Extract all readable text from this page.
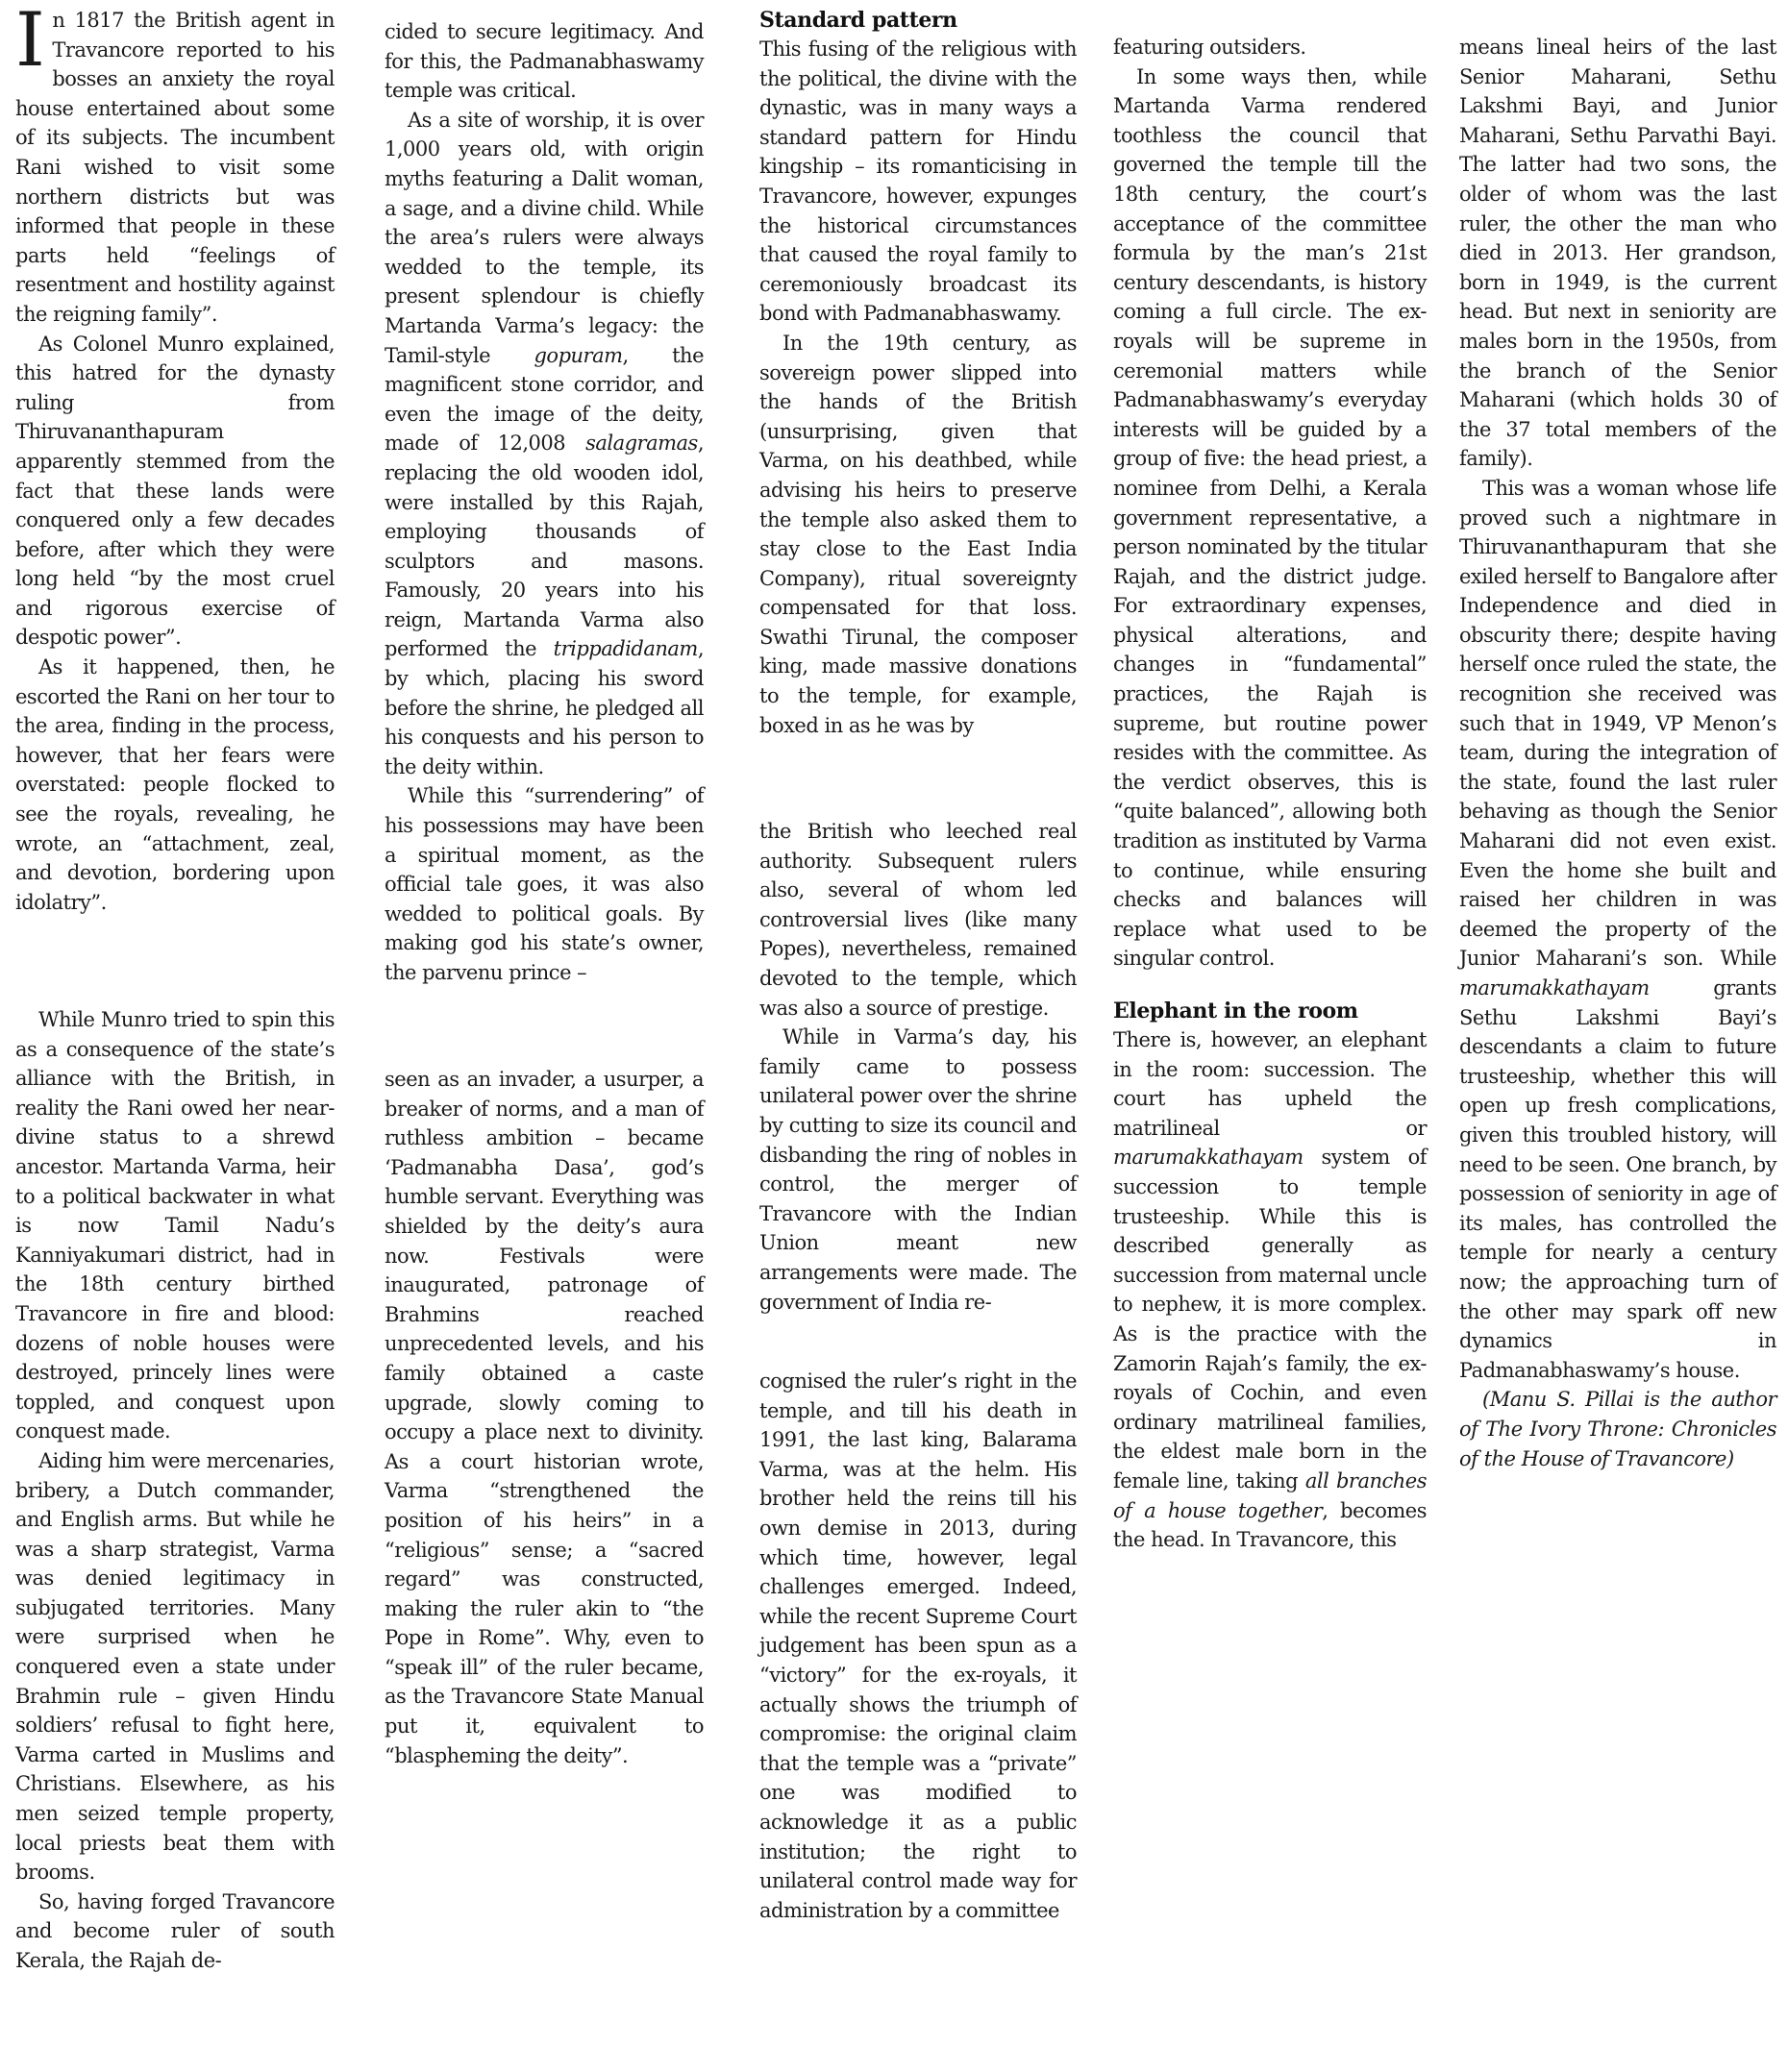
In 1817 the British agent in Travancore reported to his bosses an anxiety the royal house entertained about some of its subjects. The incumbent Rani wished to visit some northern districts but was informed that people in these parts held “feelings of resentment and hostility against the reigning family”.

As Colonel Munro explained, this hatred for the dynasty ruling from Thiruvananthapuram apparently stemmed from the fact that these lands were conquered only a few decades before, after which they were long held “by the most cruel and rigorous exercise of despotic power”.

As it happened, then, he escorted the Rani on her tour to the area, finding in the process, however, that her fears were overstated: people flocked to see the royals, revealing, he wrote, an “attachment, zeal, and devotion, bordering upon idolatry”.

While Munro tried to spin this as a consequence of the state’s alliance with the British, in reality the Rani owed her near-divine status to a shrewd ancestor. Martanda Varma, heir to a political backwater in what is now Tamil Nadu’s Kanniyakumari district, had in the 18th century birthed Travancore in fire and blood: dozens of noble houses were destroyed, princely lines were toppled, and conquest upon conquest made.

Aiding him were mercenaries, bribery, a Dutch commander, and English arms. But while he was a sharp strategist, Varma was denied legitimacy in subjugated territories. Many were surprised when he conquered even a state under Brahmin rule – given Hindu soldiers’ refusal to fight here, Varma carted in Muslims and Christians. Elsewhere, as his men seized temple property, local priests beat them with brooms.

So, having forged Travancore and become ruler of south Kerala, the Rajah de-

cided to secure legitimacy. And for this, the Padmanabhaswamy temple was critical.

As a site of worship, it is over 1,000 years old, with origin myths featuring a Dalit woman, a sage, and a divine child. While the area’s rulers were always wedded to the temple, its present splendour is chiefly Martanda Varma’s legacy: the Tamil-style gopuram, the magnificent stone corridor, and even the image of the deity, made of 12,008 salagramas, replacing the old wooden idol, were installed by this Rajah, employing thousands of sculptors and masons. Famously, 20 years into his reign, Martanda Varma also performed the trippadidanam, by which, placing his sword before the shrine, he pledged all his conquests and his person to the deity within.

While this “surrendering” of his possessions may have been a spiritual moment, as the official tale goes, it was also wedded to political goals. By making god his state’s owner, the parvenu prince –

seen as an invader, a usurper, a breaker of norms, and a man of ruthless ambition – became ‘Padmanabha Dasa’, god’s humble servant. Everything was shielded by the deity’s aura now. Festivals were inaugurated, patronage of Brahmins reached unprecedented levels, and his family obtained a caste upgrade, slowly coming to occupy a place next to divinity. As a court historian wrote, Varma “strengthened the position of his heirs” in a “religious” sense; a “sacred regard” was constructed, making the ruler akin to “the Pope in Rome”. Why, even to “speak ill” of the ruler became, as the Travancore State Manual put it, equivalent to “blaspheming the deity”.

Standard pattern

This fusing of the religious with the political, the divine with the dynastic, was in many ways a standard pattern for Hindu kingship – its romanticising in Travancore, however, expunges the historical circumstances that caused the royal family to ceremoniously broadcast its bond with Padmanabhaswamy.

In the 19th century, as sovereign power slipped into the hands of the British (unsurprising, given that Varma, on his deathbed, while advising his heirs to preserve the temple also asked them to stay close to the East India Company), ritual sovereignty compensated for that loss. Swathi Tirunal, the composer king, made massive donations to the temple, for example, boxed in as he was by

the British who leeched real authority. Subsequent rulers also, several of whom led controversial lives (like many Popes), nevertheless, remained devoted to the temple, which was also a source of prestige.

While in Varma’s day, his family came to possess unilateral power over the shrine by cutting to size its council and disbanding the ring of nobles in control, the merger of Travancore with the Indian Union meant new arrangements were made. The government of India re-

cognised the ruler’s right in the temple, and till his death in 1991, the last king, Balarama Varma, was at the helm. His brother held the reins till his own demise in 2013, during which time, however, legal challenges emerged. Indeed, while the recent Supreme Court judgement has been spun as a “victory” for the ex-royals, it actually shows the triumph of compromise: the original claim that the temple was a “private” one was modified to acknowledge it as a public institution; the right to unilateral control made way for administration by a committee

featuring outsiders.

In some ways then, while Martanda Varma rendered toothless the council that governed the temple till the 18th century, the court’s acceptance of the committee formula by the man’s 21st century descendants, is history coming a full circle. The ex-royals will be supreme in ceremonial matters while Padmanabhaswamy’s everyday interests will be guided by a group of five: the head priest, a nominee from Delhi, a Kerala government representative, a person nominated by the titular Rajah, and the district judge. For extraordinary expenses, physical alterations, and changes in “fundamental” practices, the Rajah is supreme, but routine power resides with the committee. As the verdict observes, this is “quite balanced”, allowing both tradition as instituted by Varma to continue, while ensuring checks and balances will replace what used to be singular control.

Elephant in the room

There is, however, an elephant in the room: succession. The court has upheld the matrilineal or marumakkathayam system of succession to temple trusteeship. While this is described generally as succession from maternal uncle to nephew, it is more complex. As is the practice with the Zamorin Rajah’s family, the ex-royals of Cochin, and even ordinary matrilineal families, the eldest male born in the female line, taking all branches of a house together, becomes the head. In Travancore, this

means lineal heirs of the last Senior Maharani, Sethu Lakshmi Bayi, and Junior Maharani, Sethu Parvathi Bayi. The latter had two sons, the older of whom was the last ruler, the other the man who died in 2013. Her grandson, born in 1949, is the current head. But next in seniority are males born in the 1950s, from the branch of the Senior Maharani (which holds 30 of the 37 total members of the family).

This was a woman whose life proved such a nightmare in Thiruvananthapuram that she exiled herself to Bangalore after Independence and died in obscurity there; despite having herself once ruled the state, the recognition she received was such that in 1949, VP Menon’s team, during the integration of the state, found the last ruler behaving as though the Senior Maharani did not even exist. Even the home she built and raised her children in was deemed the property of the Junior Maharani’s son. While marumakkathayam grants Sethu Lakshmi Bayi’s descendants a claim to future trusteeship, whether this will open up fresh complications, given this troubled history, will need to be seen. One branch, by possession of seniority in age of its males, has controlled the temple for nearly a century now; the approaching turn of the other may spark off new dynamics in Padmanabhaswamy’s house.

(Manu S. Pillai is the author of The Ivory Throne: Chronicles of the House of Travancore)
